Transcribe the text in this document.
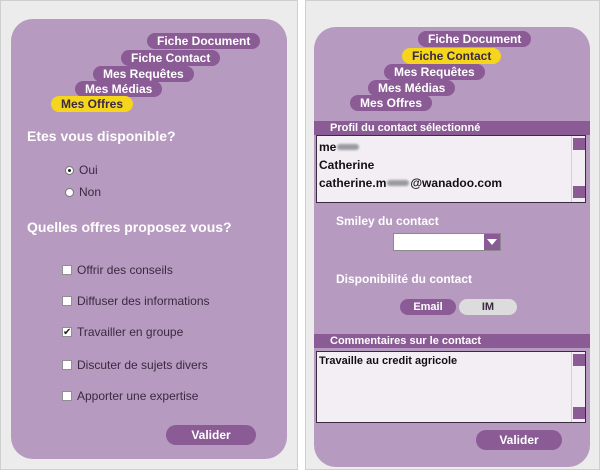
Fiche Document
Fiche Contact
Mes Requêtes
Mes Médias
Mes Offres
Etes vous disponible?
Oui
Non
Quelles offres proposez vous?
Offrir des conseils
Diffuser des informations
✔ Travailler en groupe
Discuter de sujets divers
Apporter une expertise
Valider
Fiche Document
Fiche Contact
Mes Requêtes
Mes Médias
Mes Offres
Profil du contact sélectionné
me
Catherine
catherine.m @wanadoo.com
Smiley du contact
Disponibilité du contact
Email	IM
Commentaires sur le contact
Travaille au credit agricole
Valider
